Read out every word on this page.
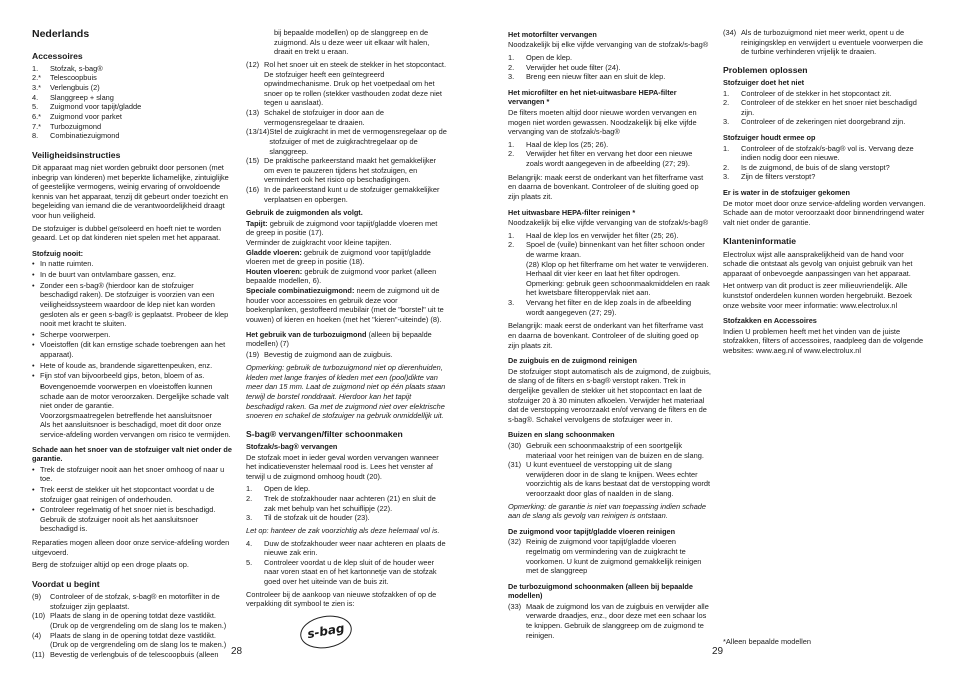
Nederlands
Accessoires
1.	Stofzak, s-bag®
2.*	Telescoopbuis
3.*	Verlengbuis (2)
4.	Slanggreep + slang
5.	Zuigmond voor tapijt/gladde
6.*	Zuigmond voor parket
7.*	Turbozuigmond
8.	Combinatiezuigmond
Veiligheidsinstructies

Dit apparaat mag niet worden gebruikt door personen (met inbegrip van kinderen) met beperkte lichamelijke, zintuiglijke of geestelijke vermogens, weinig ervaring of onvoldoende kennis van het apparaat, tenzij dit gebeurt onder toezicht en begeleiding van iemand die de verantwoordelijkheid draagt voor hun veiligheid.

De stofzuiger is dubbel geïsoleerd en hoeft niet te worden geaard. Let op dat kinderen niet spelen met het apparaat.

Stofzuig nooit:
• In natte ruimten.
• In de buurt van ontvlambare gassen, enz.
• Zonder een s-bag® (hierdoor kan de stofzuiger beschadigd raken). De stofzuiger is voorzien van een veiligheidssysteem waardoor de klep niet kan worden gesloten als er geen s-bag® is geplaatst. Probeer de klep nooit met kracht te sluiten.
• Scherpe voorwerpen.
• Vloeistoffen (dit kan ernstige schade toebrengen aan het apparaat).
• Hete of koude as, brandende sigarettenpeuken, enz.
• Fijn stof van bijvoorbeeld gips, beton, bloem of as.
• Bovengenoemde voorwerpen en vloeistoffen kunnen schade aan de motor veroorzaken. Dergelijke schade valt niet onder de garantie.
Voorzorgsmaatregelen betreffende het aansluitsnoer
Als het aansluitsnoer is beschadigd, moet dit door onze service-afdeling worden vervangen om risico te vermijden.
Schade aan het snoer van de stofzuiger valt niet onder de garantie.
• Trek de stofzuiger nooit aan het snoer omhoog of naar u toe.
• Trek eerst de stekker uit het stopcontact voordat u de stofzuiger gaat reinigen of onderhouden.
• Controleer regelmatig of het snoer niet is beschadigd. Gebruik de stofzuiger nooit als het aansluitsnoer beschadigd is.

Reparaties mogen alleen door onze service-afdeling worden uitgevoerd.

Berg de stofzuiger altijd op een droge plaats op.

Voordat u begint
(9)	Controleer of de stofzak, s-bag® en motorfilter in de stofzuiger zijn geplaatst.
(10) Plaats de slang in de opening totdat deze vastklikt. (Druk op de vergrendeling om de slang los te maken.)
(4)	Plaats de slang in de opening totdat deze vastklikt. (Druk op de vergrendeling om de slang los te maken.)
(11) Bevestig de verlengbuis of de telescoopbuis (alleen

bij bepaalde modellen) op de slanggreep en de zuigmond. Als u deze weer uit elkaar wilt halen, draait en trekt u eraan.

(12) Rol het snoer uit en steek de stekker in het stopcontact. De stofzuiger heeft een geïntegreerd opwindmechanisme. Druk op het voetpedaal om het snoer op te rollen (stekker vasthouden zodat deze niet tegen u aanslaat).
(13) Schakel de stofzuiger in door aan de vermogensregelaar te draaien.
(13/14) Stel de zuigkracht in met de vermogensregelaar op de stofzuiger of met de zuigkrachtregelaar op de slanggreep.
(15) De praktische parkeerstand maakt het gemakkelijker om even te pauzeren tijdens het stofzuigen, en vermindert ook het risico op beschadigingen.
(16) In de parkeerstand kunt u de stofzuiger gemakkelijker verplaatsen en opbergen.
Gebruik de zuigmonden als volgt.
Tapijt: gebruik de zuigmond voor tapijt/gladde vloeren met de greep in positie (17).
Verminder de zuigkracht voor kleine tapijten.
Gladde vloeren: gebruik de zuigmond voor tapijt/gladde vloeren met de greep in positie (18).
Houten vloeren: gebruik de zuigmond voor parket (alleen bepaalde modellen, 6).
Speciale combinatiezuigmond: neem de zuigmond uit de houder voor accessoires en gebruik deze voor boekenplanken, gestoffeerd meubilair (met de "borstel" uit te vouwen) of kieren en hoeken (met het "kieren"-uiteinde) (8).
Het gebruik van de turbozuigmond (alleen bij bepaalde modellen) (7)
(19) Bevestig de zuigmond aan de zuigbuis.

Opmerking: gebruik de turbozuigmond niet op dierenhuiden, kleden met lange franjes of kleden met een (pool)dikte van meer dan 15 mm. Laat de zuigmond niet op één plaats staan terwijl de borstel ronddraait. Hierdoor kan het tapijt beschadigd raken. Ga met de zuigmond niet over elektrische snoeren en schakel de stofzuiger na gebruik onmiddellijk uit.

S-bag® vervangen/filter schoonmaken
Stofzak/s-bag® vervangen

De stofzak moet in ieder geval worden vervangen wanneer het indicatievenster helemaal rood is. Lees het venster af terwijl u de zuigmond omhoog houdt (20).

1.	Open de klep.
2.	Trek de stofzakhouder naar achteren (21) en sluit de zak met behulp van het schuiflipje (22).
3.	Til de stofzak uit de houder (23).

Let op: hanteer de zak voorzichtig als deze helemaal vol is.

4.	Duw de stofzakhouder weer naar achteren en plaats de nieuwe zak erin.
5.	Controleer voordat u de klep sluit of de houder weer naar voren staat en of het kartonnetje van de stofzak goed over het uiteinde van de buis zit.

Controleer bij de aankoop van nieuwe stofzakken of op de verpakking dit symbool te zien is:

s-bag
28
Het motorfilter vervangen

Noodzakelijk bij elke vijfde vervanging van de stofzak/s-bag®

1.	Open de klep.
2.	Verwijder het oude filter (24).
3.	Breng een nieuw filter aan en sluit de klep.
Het microfilter en het niet-uitwasbare HEPA-filter vervangen *

De filters moeten altijd door nieuwe worden vervangen en mogen niet worden gewassen. Noodzakelijk bij elke vijfde vervanging van de stofzak/s-bag®

1.	Haal de klep los (25; 26).
2.	Verwijder het filter en vervang het door een nieuwe zoals wordt aangegeven in de afbeelding (27; 29).

Belangrijk: maak eerst de onderkant van het filterframe vast en daarna de bovenkant. Controleer of de sluiting goed op zijn plaats zit.

Het uitwasbare HEPA-filter reinigen *

Noodzakelijk bij elke vijfde vervanging van de stofzak/s-bag®

1.	Haal de klep los en verwijder het filter (25; 26).
2.	Spoel de (vuile) binnenkant van het filter schoon onder de warme kraan.
(28) Klop op het filterframe om het water te verwijderen. Herhaal dit vier keer en laat het filter opdrogen. Opmerking: gebruik geen schoonmaakmiddelen en raak het kwetsbare filteroppervlak niet aan.
3.	Vervang het filter en de klep zoals in de afbeelding wordt aangegeven (27; 29).

Belangrijk: maak eerst de onderkant van het filterframe vast en daarna de bovenkant. Controleer of de sluiting goed op zijn plaats zit.

De zuigbuis en de zuigmond reinigen

De stofzuiger stopt automatisch als de zuigmond, de zuigbuis, de slang of de filters en s-bag® verstopt raken. Trek in dergelijke gevallen de stekker uit het stopcontact en laat de stofzuiger 20 à 30 minuten afkoelen. Verwijder het materiaal dat de verstopping veroorzaakt en/of vervang de filters en de s-bag®. Schakel vervolgens de stofzuiger weer in.

Buizen en slang schoonmaken
(30) Gebruik een schoonmaakstrip of een soortgelijk materiaal voor het reinigen van de buizen en de slang.
(31) U kunt eventueel de verstopping uit de slang verwijderen door in de slang te knijpen. Wees echter voorzichtig als de kans bestaat dat de verstopping wordt veroorzaakt door glas of naalden in de slang.

Opmerking: de garantie is niet van toepassing indien schade aan de slang als gevolg van reinigen is ontstaan.

De zuigmond voor tapijt/gladde vloeren reinigen
(32) Reinig de zuigmond voor tapijt/gladde vloeren regelmatig om vermindering van de zuigkracht te voorkomen. U kunt de zuigmond gemakkelijk reinigen met de slanggreep
De turbozuigmond schoonmaken (alleen bij bepaalde modellen)
(33) Maak de zuigmond los van de zuigbuis en verwijder alle verwarde draadjes, enz., door deze met een schaar los te knippen. Gebruik de slanggreep om de zuigmond te reinigen.
(34) Als de turbozuigmond niet meer werkt, opent u de reinigingsklep en verwijdert u eventuele voorwerpen die de turbine verhinderen vrijelijk te draaien.
Problemen oplossen
Stofzuiger doet het niet
1.	Controleer of de stekker in het stopcontact zit.
2.	Controleer of de stekker en het snoer niet beschadigd zijn.
3.	Controleer of de zekeringen niet doorgebrand zijn.
Stofzuiger houdt ermee op
1.	Controleer of de stofzak/s-bag® vol is. Vervang deze indien nodig door een nieuwe.
2.	Is de zuigmond, de buis of de slang verstopt?
3.	Zijn de filters verstopt?
Er is water in de stofzuiger gekomen

De motor moet door onze service-afdeling worden vervangen. Schade aan de motor veroorzaakt door binnendringend water valt niet onder de garantie.

Klanteninformatie

Electrolux wijst alle aansprakelijkheid van de hand voor schade die ontstaat als gevolg van onjuist gebruik van het apparaat of onbevoegde aanpassingen van het apparaat.

Het ontwerp van dit product is zeer milieuvriendelijk. Alle kunststof onderdelen kunnen worden hergebruikt. Bezoek onze website voor meer informatie: www.electrolux.nl

Stofzakken en Accessoires

Indien U problemen heeft met het vinden van de juiste stofzakken, filters of accessoires, raadpleeg dan de volgende websites: www.aeg.nl of www.electrolux.nl

*Alleen bepaalde modellen
29
